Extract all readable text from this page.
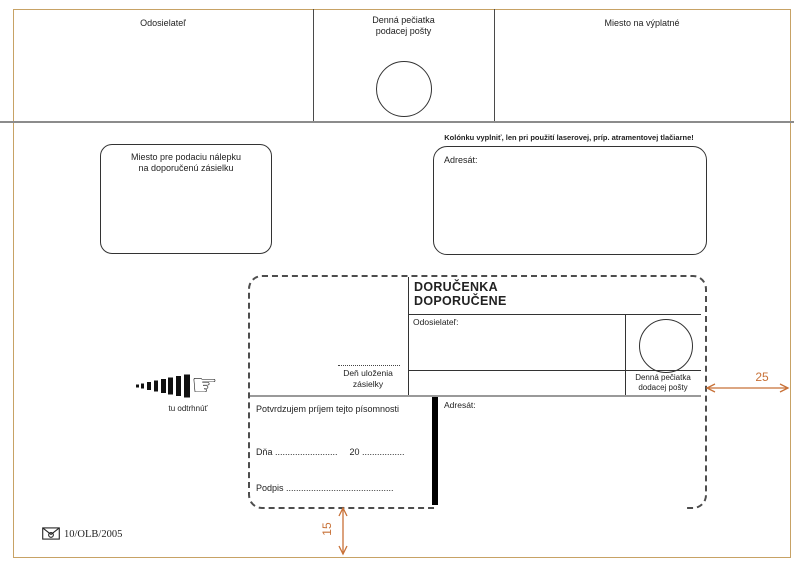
Odosielateľ	Denná pečiatka
podacej pošty
Miesto na výplatné
Miesto pre podaciu nálepku
na doporučenú zásielku
Kolónku vyplniť, len pri použití laserovej, príp. atramentovej tlačiarne!
Adresát:
DORUČENKA
DOPORUČENE
Odosielateľ:
Denná pečiatka
dodacej pošty
Deň uloženia
zásielky
Adresát:
Potvrdzujem príjem tejto písomnosti
Dňa ......................... 20 .................
Podpis ...........................................
☞
tu odtrhnúť
10/OLB/2005
25
15
